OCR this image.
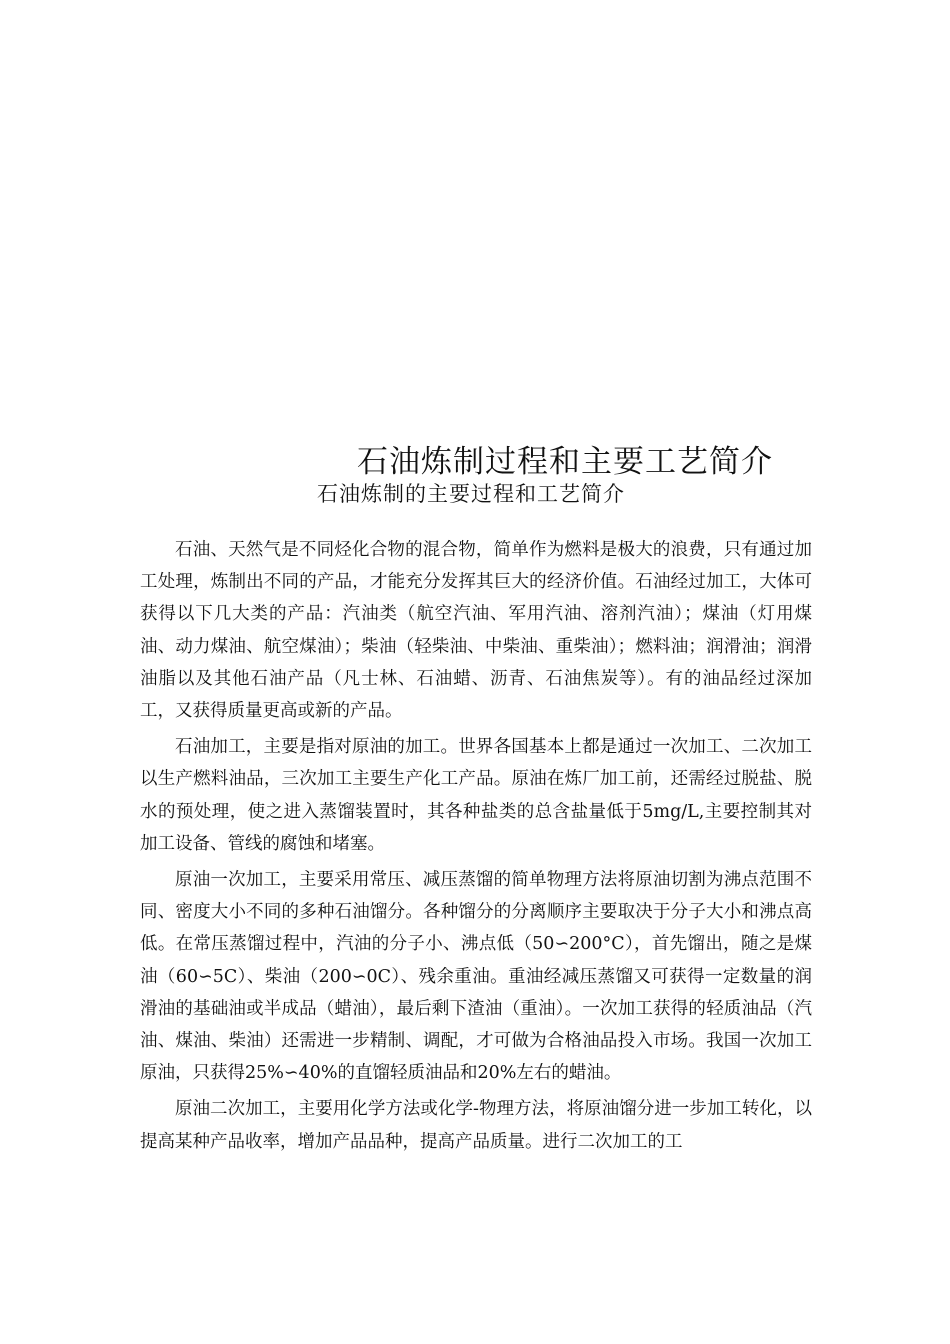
石油炼制过程和主要工艺简介
石油炼制的主要过程和工艺简介

石油、天然气是不同烃化合物的混合物，简单作为燃料是极大的浪费，只有通过加工处理，炼制出不同的产品，才能充分发挥其巨大的经济价值。石油经过加工，大体可获得以下几大类的产品：汽油类（航空汽油、军用汽油、溶剂汽油）；煤油（灯用煤油、动力煤油、航空煤油）；柴油（轻柴油、中柴油、重柴油）；燃料油；润滑油；润滑油脂以及其他石油产品（凡士林、石油蜡、沥青、石油焦炭等）。有的油品经过深加工，又获得质量更高或新的产品。

石油加工，主要是指对原油的加工。世界各国基本上都是通过一次加工、二次加工以生产燃料油品，三次加工主要生产化工产品。原油在炼厂加工前，还需经过脱盐、脱水的预处理，使之进入蒸馏装置时，其各种盐类的总含盐量低于5mg/L,主要控制其对加工设备、管线的腐蚀和堵塞。

原油一次加工，主要采用常压、减压蒸馏的简单物理方法将原油切割为沸点范围不同、密度大小不同的多种石油馏分。各种馏分的分离顺序主要取决于分子大小和沸点高低。在常压蒸馏过程中，汽油的分子小、沸点低（50∽200°C），首先馏出，随之是煤油（60∽5C）、柴油（200∽0C）、残余重油。重油经减压蒸馏又可获得一定数量的润滑油的基础油或半成品（蜡油），最后剩下渣油（重油）。一次加工获得的轻质油品（汽油、煤油、柴油）还需进一步精制、调配，才可做为合格油品投入市场。我国一次加工原油，只获得25%∽40%的直馏轻质油品和20%左右的蜡油。

原油二次加工，主要用化学方法或化学-物理方法，将原油馏分进一步加工转化，以提高某种产品收率，增加产品品种，提高产品质量。进行二次加工的工
